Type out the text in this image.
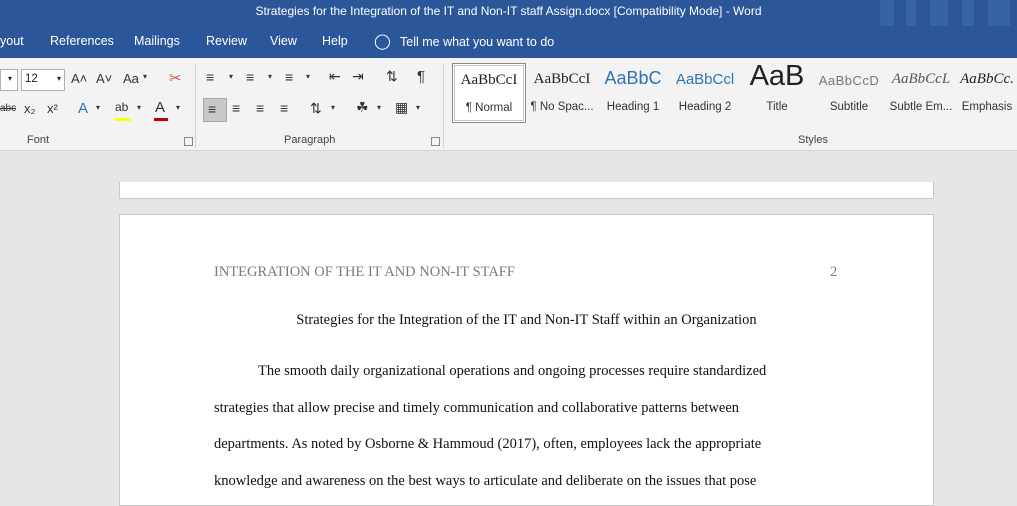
Strategies for the Integration of the IT and Non-IT staff Assign.docx [Compatibility Mode] - Word
yout References Mailings Review View Help ◯ Tell me what you want to do
▾ 12 ▾ A˄ A˅ Aa ▾ ✂
abc x₂ x² A ▾ ab ▾ A ▾
Font
≡ ▾ ≡ ▾ ≡ ▾ ⇤ ⇥ ⇅ ¶
≡ ≡ ≡ ≡ ⇅ ▾ ☘ ▾ ▦ ▾
Paragraph
AaBbCcI
¶ Normal
AaBbCcI
¶ No Spac...
AaBbC
Heading 1
AaBbCcl
Heading 2
AaB
Title
AaBbCcD
Subtitle
AaBbCcL
Subtle Em...
AaBbCc.
Emphasis
Styles
INTEGRATION OF THE IT AND NON-IT STAFF	2
Strategies for the Integration of the IT and Non-IT Staff within an Organization
The smooth daily organizational operations and ongoing processes require standardized
strategies that allow precise and timely communication and collaborative patterns between
departments. As noted by Osborne & Hammoud (2017), often, employees lack the appropriate
knowledge and awareness on the best ways to articulate and deliberate on the issues that pose
